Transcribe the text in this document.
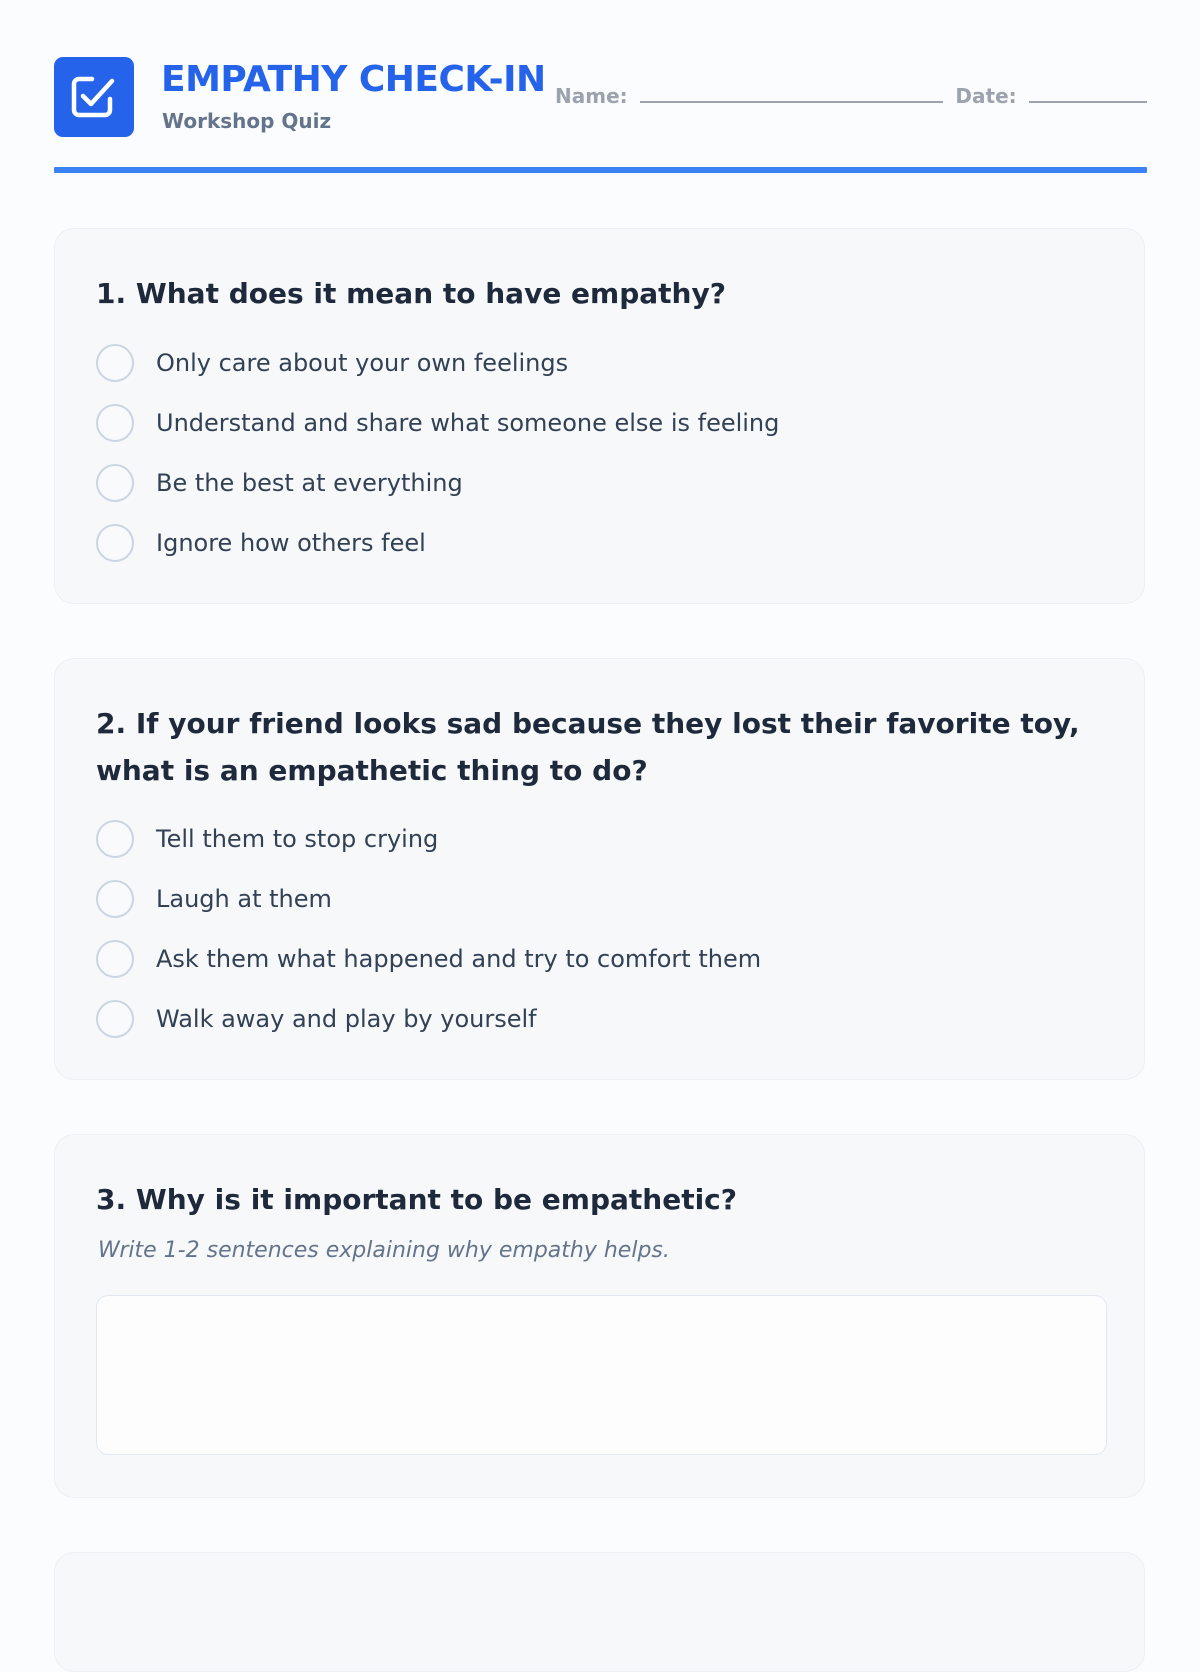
EMPATHY CHECK-IN
Workshop Quiz
Name:	Date:
1. What does it mean to have empathy?
Only care about your own feelings
Understand and share what someone else is feeling
Be the best at everything
Ignore how others feel
2. If your friend looks sad because they lost their favorite toy, what is an empathetic thing to do?
Tell them to stop crying
Laugh at them
Ask them what happened and try to comfort them
Walk away and play by yourself
3. Why is it important to be empathetic?
Write 1-2 sentences explaining why empathy helps.
